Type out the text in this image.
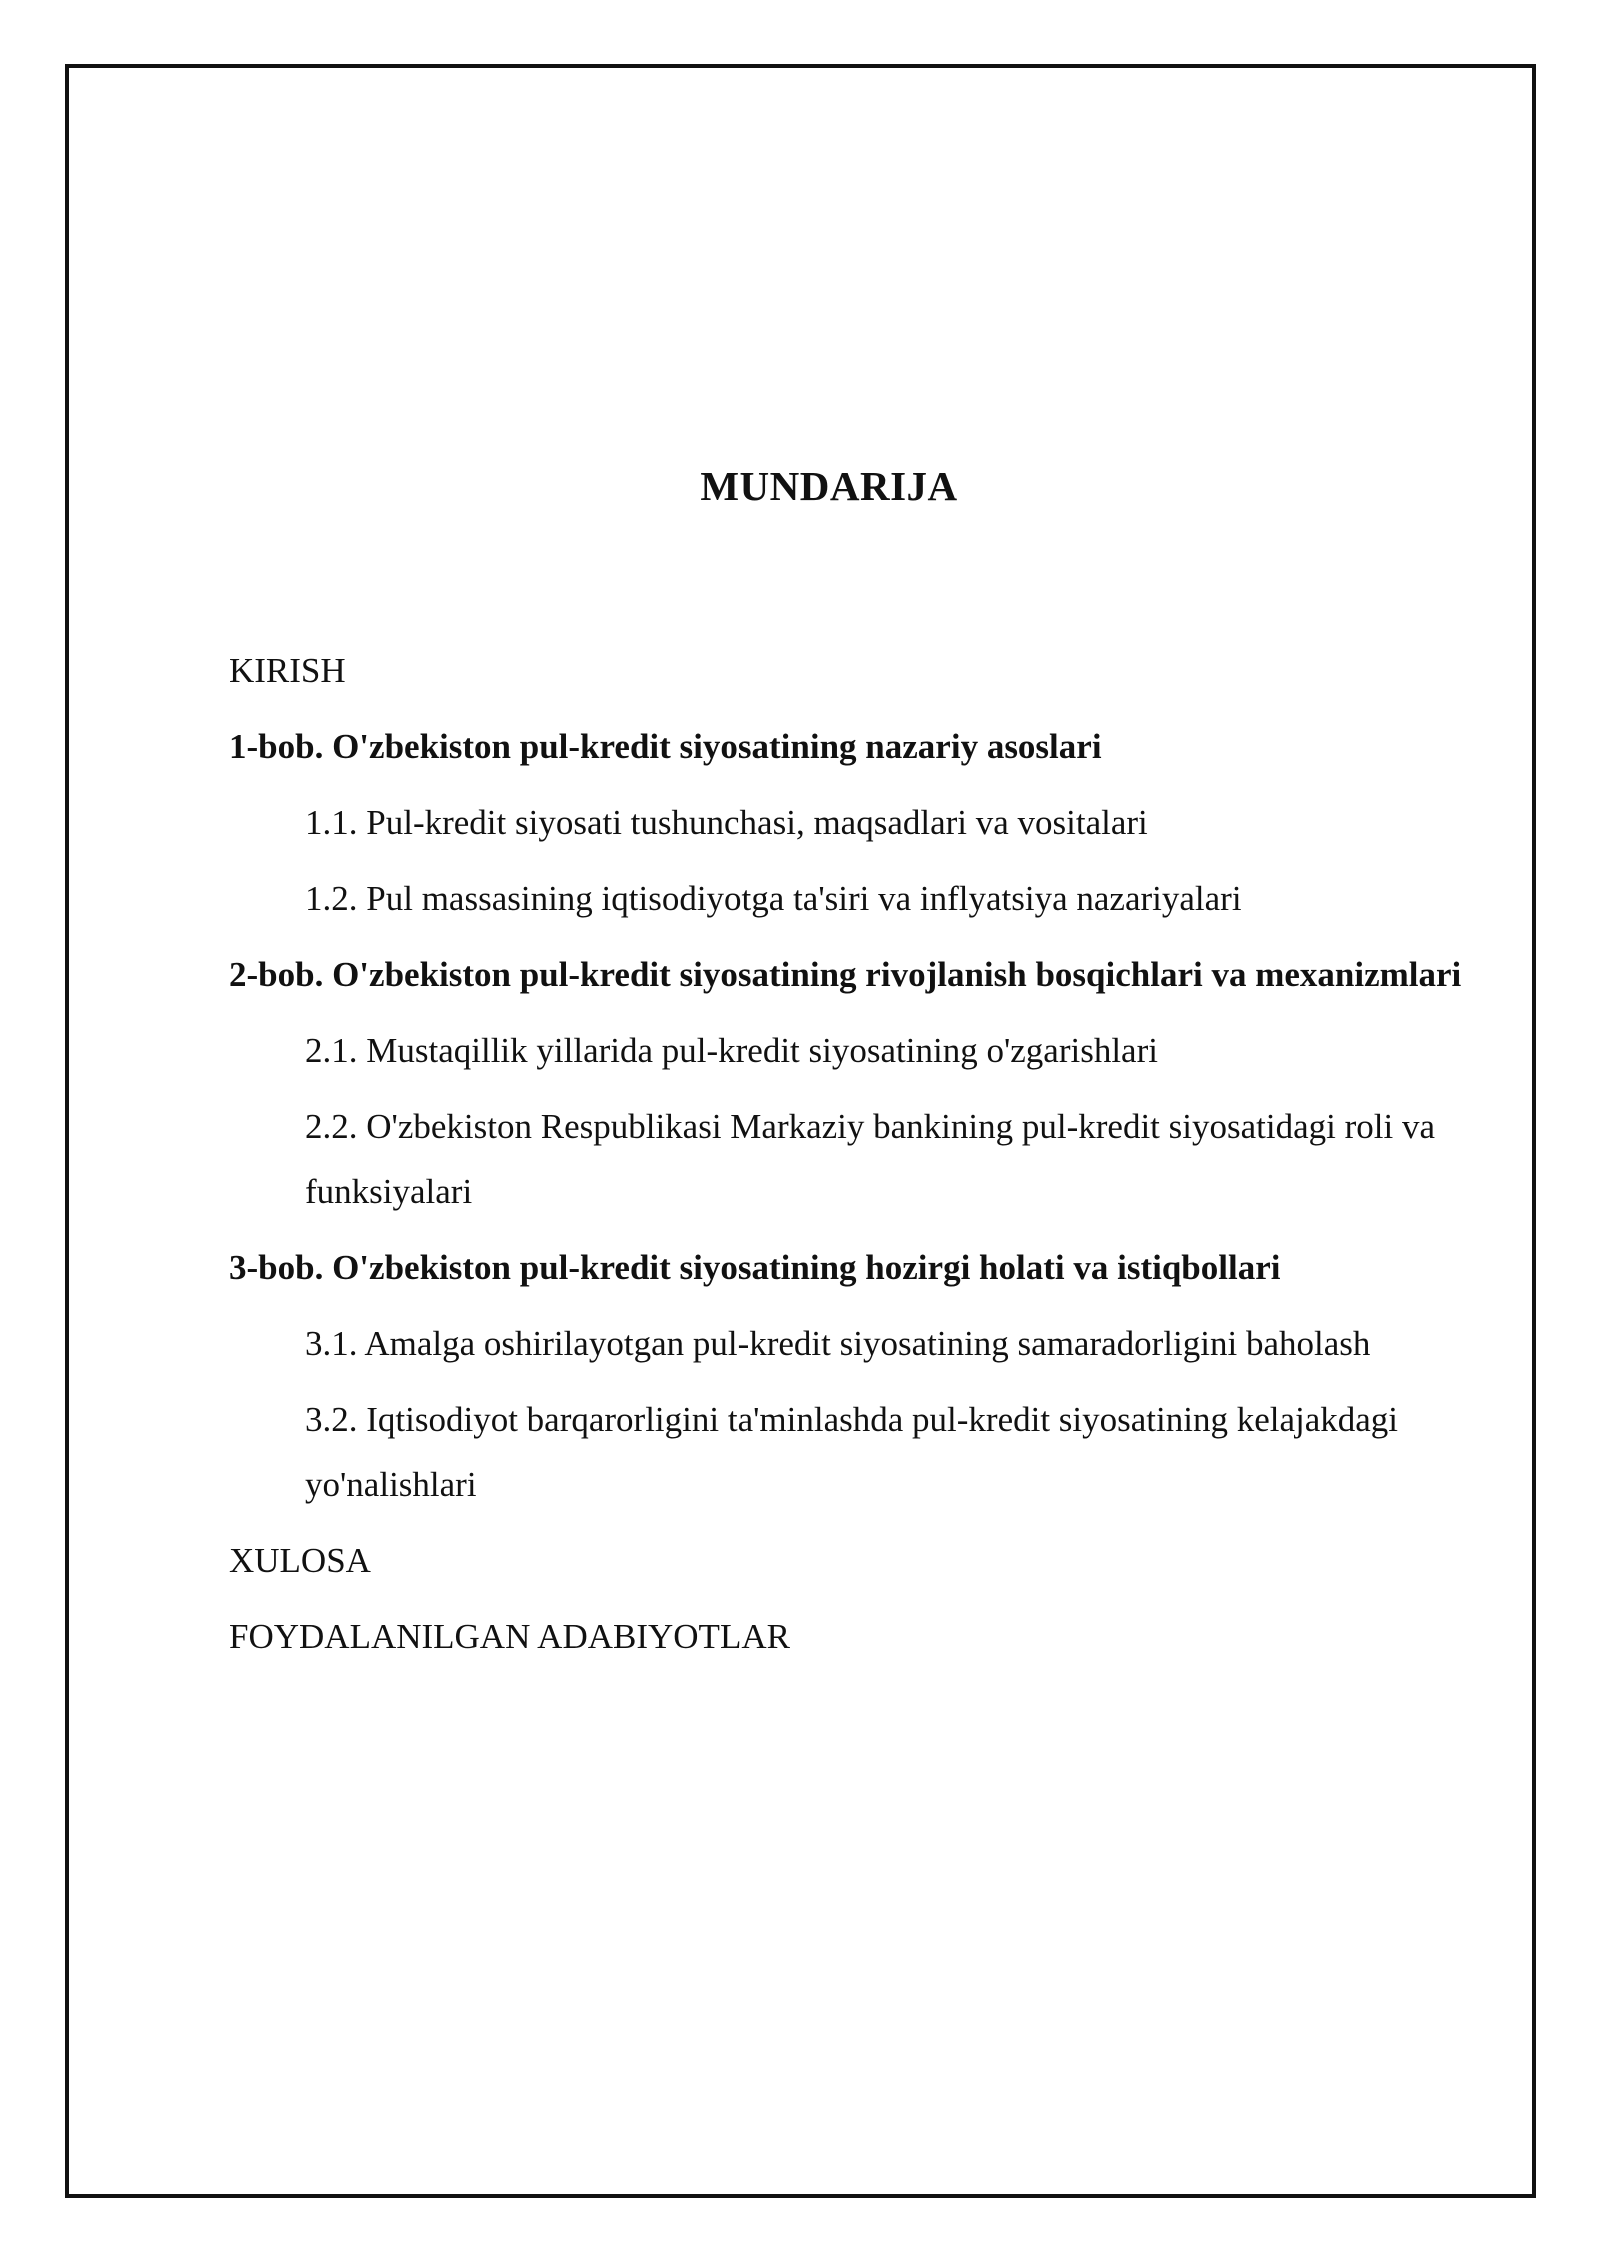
MUNDARIJA
KIRISH
1-bob. O'zbekiston pul-kredit siyosatining nazariy asoslari
1.1. Pul-kredit siyosati tushunchasi, maqsadlari va vositalari
1.2. Pul massasining iqtisodiyotga ta'siri va inflyatsiya nazariyalari
2-bob. O'zbekiston pul-kredit siyosatining rivojlanish bosqichlari va mexanizmlari
2.1. Mustaqillik yillarida pul-kredit siyosatining o'zgarishlari
2.2. O'zbekiston Respublikasi Markaziy bankining pul-kredit siyosatidagi roli va funksiyalari
3-bob. O'zbekiston pul-kredit siyosatining hozirgi holati va istiqbollari
3.1. Amalga oshirilayotgan pul-kredit siyosatining samaradorligini baholash
3.2. Iqtisodiyot barqarorligini ta'minlashda pul-kredit siyosatining kelajakdagi yo'nalishlari
XULOSA
FOYDALANILGAN ADABIYOTLAR
